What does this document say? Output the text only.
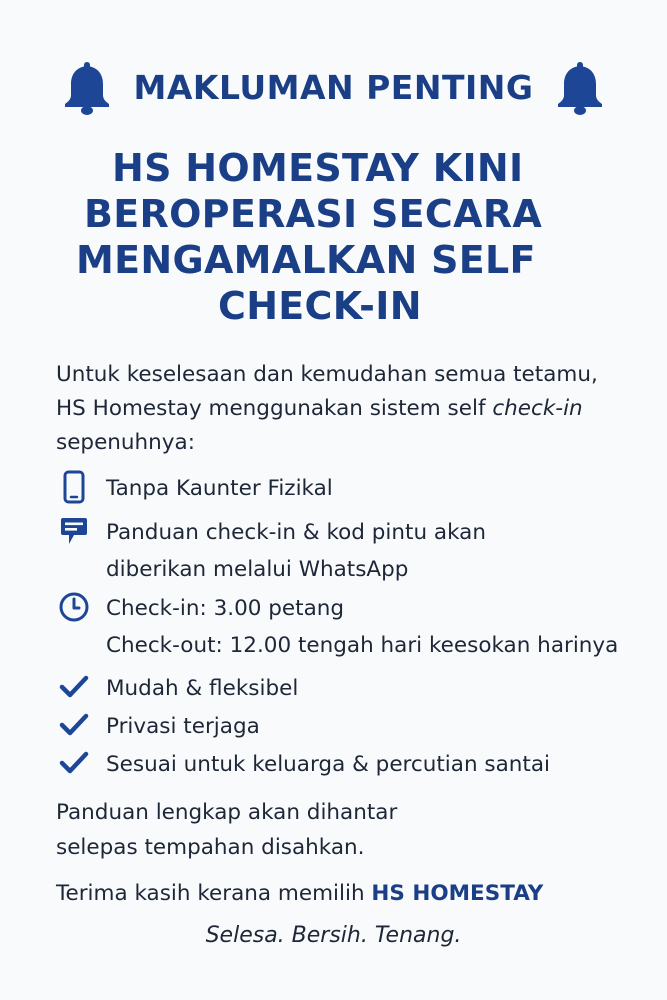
MAKLUMAN PENTING
HS HOMESTAY KINI
BEROPERASI SECARA
MENGAMALKAN SELF
CHECK-IN
Untuk keselesaan dan kemudahan semua tetamu,
HS Homestay menggunakan sistem self check-in
sepenuhnya:
Tanpa Kaunter Fizikal
Panduan check-in & kod pintu akan
diberikan melalui WhatsApp
Check-in: 3.00 petang
Check-out: 12.00 tengah hari keesokan harinya
Mudah & fleksibel
Privasi terjaga
Sesuai untuk keluarga & percutian santai
Panduan lengkap akan dihantar
selepas tempahan disahkan.
Terima kasih kerana memilih HS HOMESTAY
Selesa. Bersih. Tenang.
